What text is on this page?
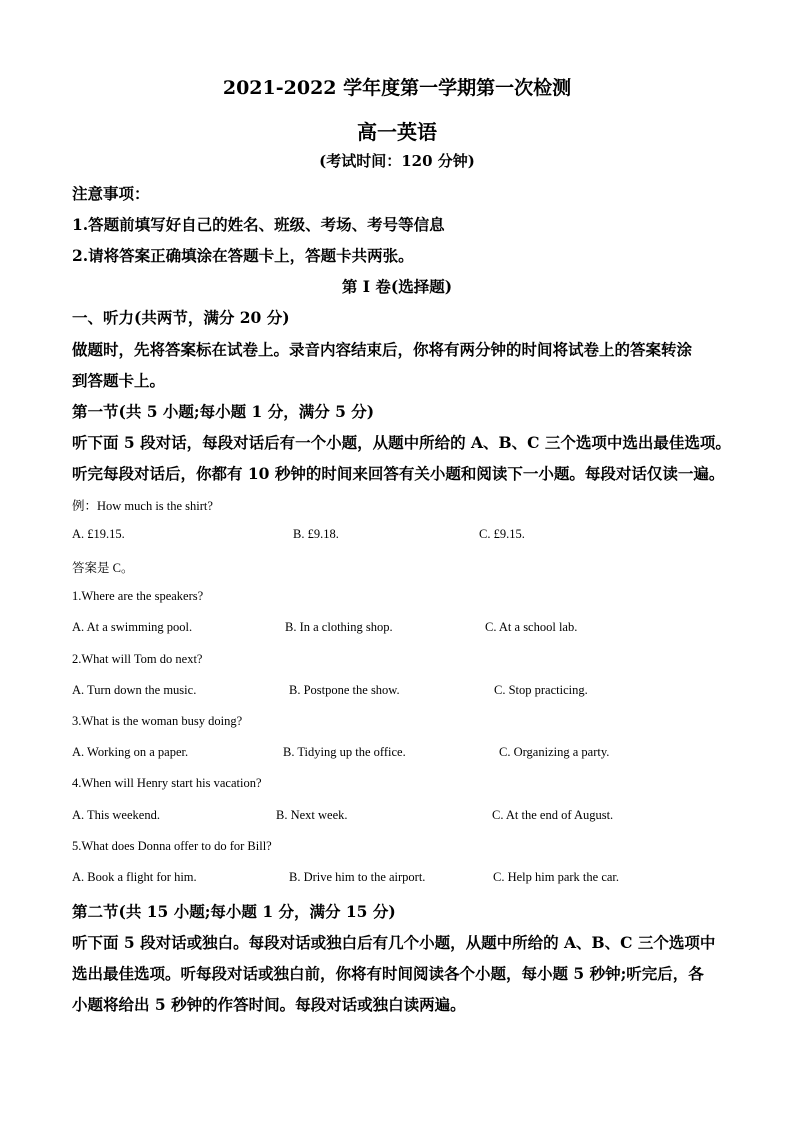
2021-2022 学年度第一学期第一次检测
高一英语
(考试时间：120 分钟)
注意事项：
1.答题前填写好自己的姓名、班级、考场、考号等信息
2.请将答案正确填涂在答题卡上，答题卡共两张。
第 I 卷(选择题)
一、听力(共两节，满分 20 分)
做题时，先将答案标在试卷上。录音内容结束后，你将有两分钟的时间将试卷上的答案转涂
到答题卡上。
第一节(共 5 小题;每小题 1 分，满分 5 分)
听下面 5 段对话，每段对话后有一个小题，从题中所给的 A、B、C 三个选项中选出最佳选项。
听完每段对话后，你都有 10 秒钟的时间来回答有关小题和阅读下一小题。每段对话仅读一遍。
例：How much is the shirt?
A. £19.15.	B. £9.18.	C. £9.15.
答案是 C。
1.Where are the speakers?
A. At a swimming pool.	B. In a clothing shop.	C. At a school lab.
2.What will Tom do next?
A. Turn down the music.	B. Postpone the show.	C. Stop practicing.
3.What is the woman busy doing?
A. Working on a paper.	B. Tidying up the office.	C. Organizing a party.
4.When will Henry start his vacation?
A. This weekend.	B. Next week.	C. At the end of August.
5.What does Donna offer to do for Bill?
A. Book a flight for him.	B. Drive him to the airport.	C. Help him park the car.
第二节(共 15 小题;每小题 1 分，满分 15 分)
听下面 5 段对话或独白。每段对话或独白后有几个小题，从题中所给的 A、B、C 三个选项中
选出最佳选项。听每段对话或独白前，你将有时间阅读各个小题，每小题 5 秒钟;听完后，各
小题将给出 5 秒钟的作答时间。每段对话或独白读两遍。
